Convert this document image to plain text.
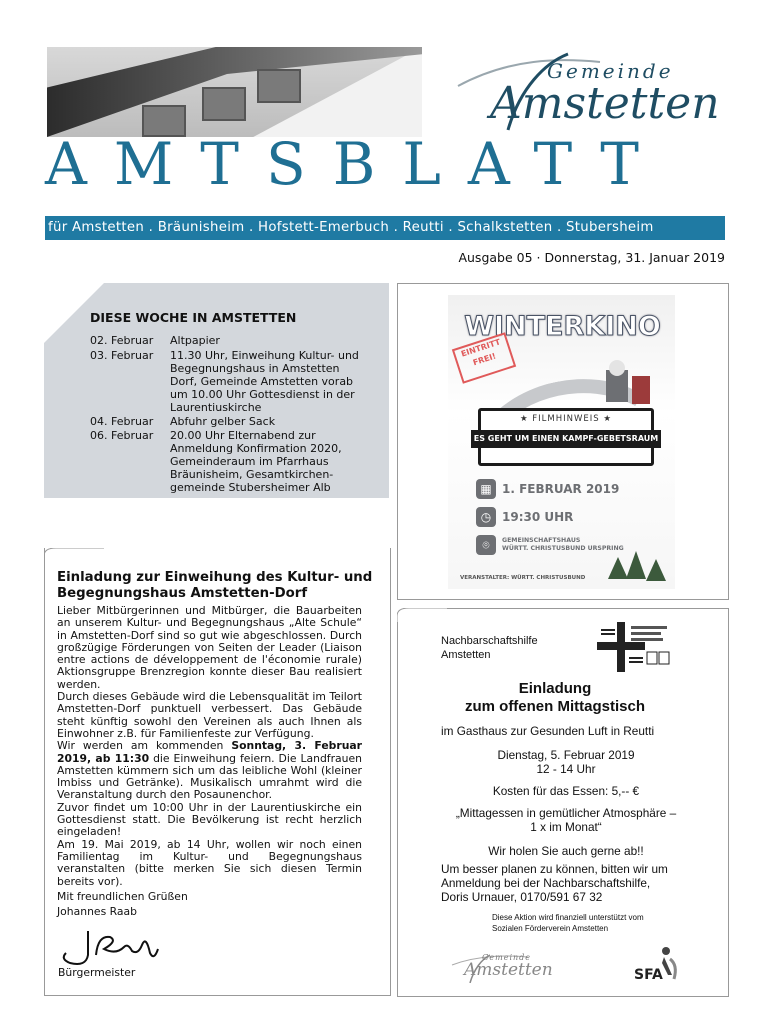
Gemeinde
Amstetten
AMTSBLATT
für Amstetten . Bräunisheim . Hofstett-Emerbuch . Reutti . Schalkstetten . Stubersheim
Ausgabe 05 · Donnerstag, 31. Januar 2019
DIESE WOCHE IN AMSTETTEN
02. Februar	Altpapier
03. Februar	11.30 Uhr, Einweihung Kultur- und Begegnungshaus in Amstetten Dorf, Gemeinde Amstetten vorab um 10.00 Uhr Gottesdienst in der Laurentiuskirche
04. Februar	Abfuhr gelber Sack
06. Februar	20.00 Uhr Elternabend zur Anmeldung Konfirmation 2020, Gemeinderaum im Pfarrhaus Bräunisheim, Gesamtkirchen- gemeinde Stubersheimer Alb
Einladung zur Einweihung des Kultur- und Begegnungshaus Amstetten-Dorf

Lieber Mitbürgerinnen und Mitbürger, die Bauarbeiten an unserem Kultur- und Begegnungshaus „Alte Schule“ in Amstetten-Dorf sind so gut wie abgeschlossen. Durch großzügige Förderungen von Seiten der Leader (Liaison entre actions de développement de l'économie rurale) Aktionsgruppe Brenzregion konnte dieser Bau realisiert werden.

Durch dieses Gebäude wird die Lebensqualität im Teilort Amstetten-Dorf punktuell verbessert. Das Gebäude steht künftig sowohl den Vereinen als auch Ihnen als Einwohner z.B. für Familienfeste zur Verfügung.

Wir werden am kommenden Sonntag, 3. Februar 2019, ab 11:30 die Einweihung feiern. Die Landfrauen Amstetten kümmern sich um das leibliche Wohl (kleiner Imbiss und Getränke). Musikalisch umrahmt wird die Veranstaltung durch den Posaunenchor.

Zuvor findet um 10:00 Uhr in der Laurentiuskirche ein Gottesdienst statt. Die Bevölkerung ist recht herzlich eingeladen!

Am 19. Mai 2019, ab 14 Uhr, wollen wir noch einen Familientag im Kultur- und Begegnungshaus veranstalten (bitte merken Sie sich diesen Termin bereits vor).

Mit freundlichen Grüßen

Johannes Raab

Bürgermeister
WINTERKINO
EINTRITT FREI!
★ FILMHINWEIS ★
ES GEHT UM EINEN KAMPF-GEBETSRAUM
▦ 1. FEBRUAR 2019
◷ 19:30 UHR
⌾	GEMEINSCHAFTSHAUS
WÜRTT. CHRISTUSBUND URSPRING
VERANSTALTER: WÜRTT. CHRISTUSBUND
Nachbarschaftshilfe
Amstetten
Einladung
zum offenen Mittagstisch
im Gasthaus zur Gesunden Luft in Reutti
Dienstag, 5. Februar 2019
12 - 14 Uhr
Kosten für das Essen: 5,-- €
„Mittagessen in gemütlicher Atmosphäre –
1 x im Monat“
Wir holen Sie auch gerne ab!!
Um besser planen zu können, bitten wir um
Anmeldung bei der Nachbarschaftshilfe,
Doris Urnauer, 0170/591 67 32
Diese Aktion wird finanziell unterstützt vom
Sozialen Förderverein Amstetten
Gemeinde
Amstetten	SFA
